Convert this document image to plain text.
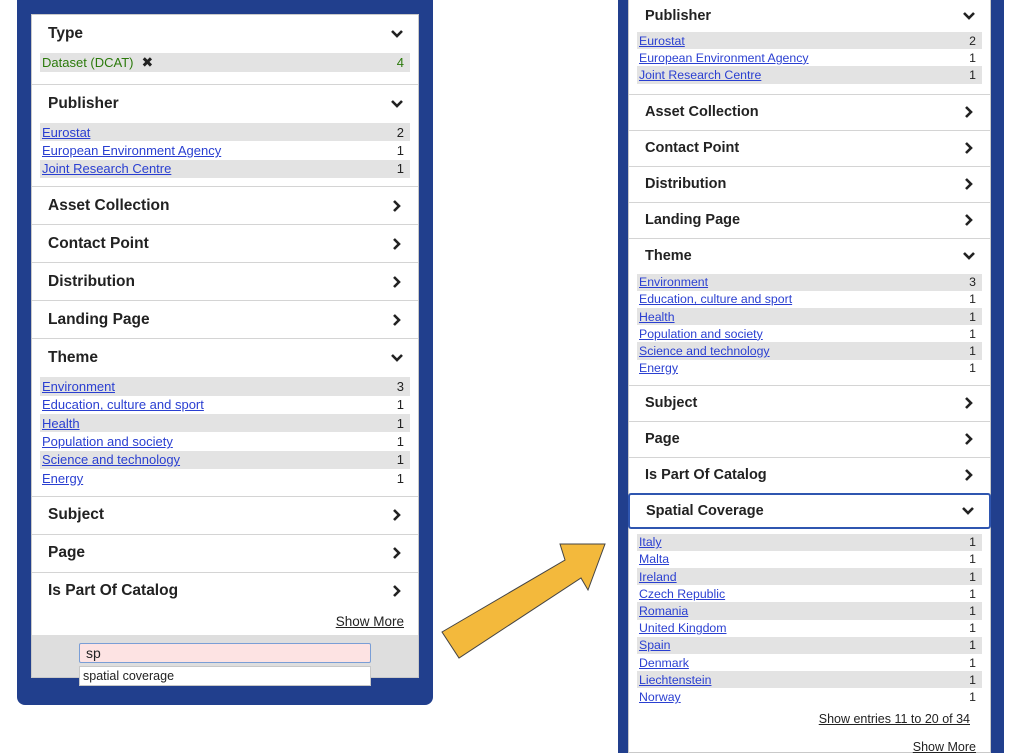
Type
Dataset (DCAT) ✖	4
Publisher
Eurostat	2
European Environment Agency	1
Joint Research Centre	1
Asset Collection
Contact Point
Distribution
Landing Page
Theme
Environment	3
Education, culture and sport	1
Health	1
Population and society	1
Science and technology	1
Energy	1
Subject
Page
Is Part Of Catalog
Show More
sp
spatial coverage
Publisher
Eurostat	2
European Environment Agency	1
Joint Research Centre	1
Asset Collection
Contact Point
Distribution
Landing Page
Theme
Environment	3
Education, culture and sport	1
Health	1
Population and society	1
Science and technology	1
Energy	1
Subject
Page
Is Part Of Catalog
Spatial Coverage
Italy	1
Malta	1
Ireland	1
Czech Republic	1
Romania	1
United Kingdom	1
Spain	1
Denmark	1
Liechtenstein	1
Norway	1
Show entries 11 to 20 of 34
Show More
